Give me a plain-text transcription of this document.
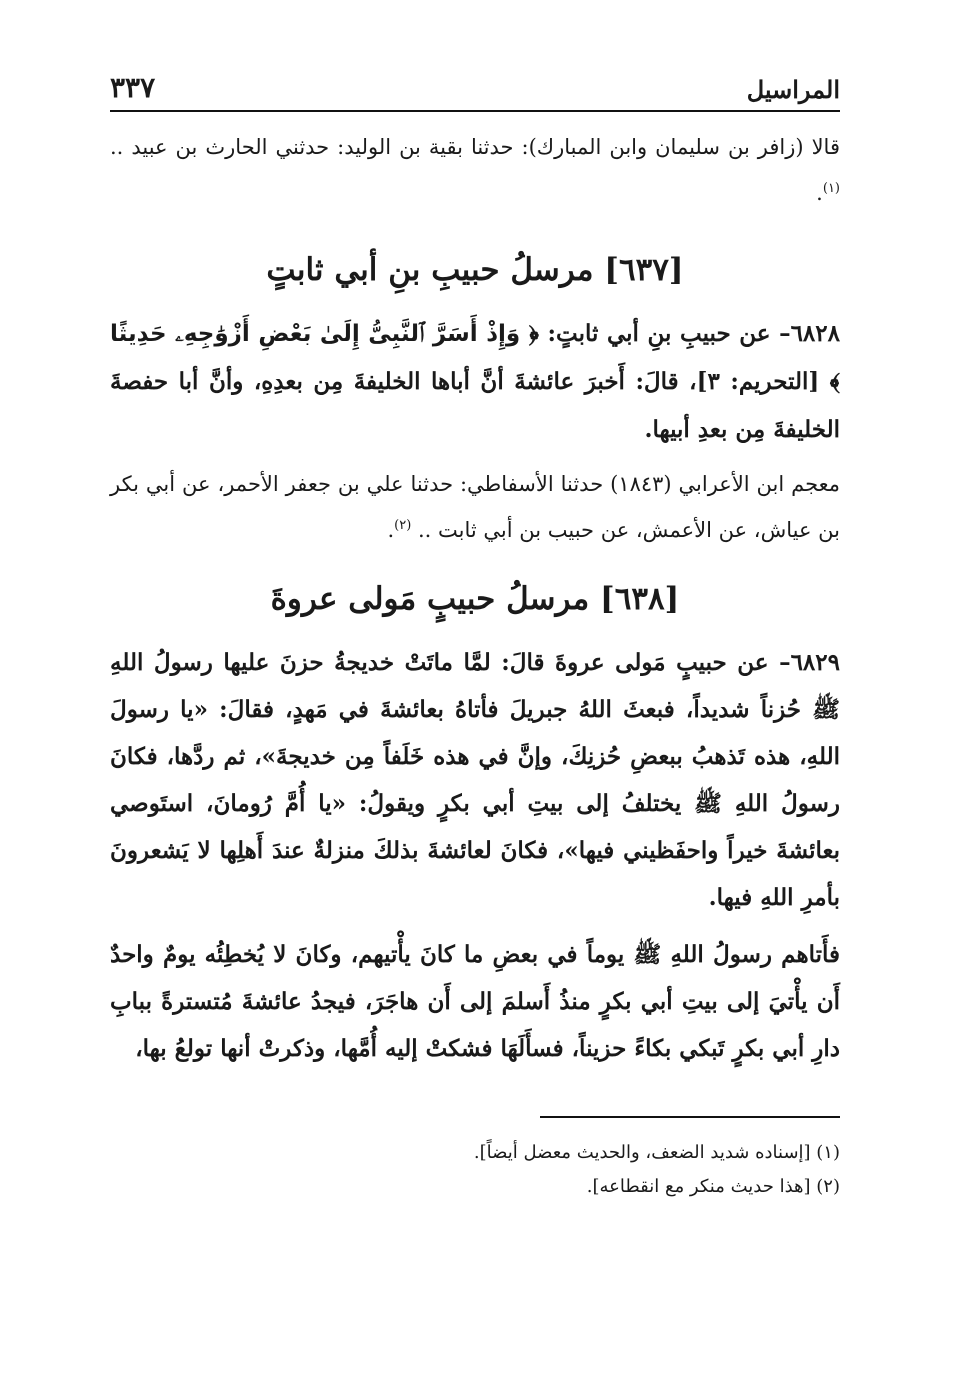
المراسيل
٣٣٧

قالا (زافر بن سليمان وابن المبارك): حدثنا بقية بن الوليد: حدثني الحارث بن عبيد .. $^{(١)}$.

[٦٣٧] مرسلُ حبيبِ بنِ أبي ثابتٍ

٦٨٢٨– عن حبيبِ بنِ أبي ثابتٍ: ﴿ وَإِذْ أَسَرَّ ٱلنَّبِىُّ إِلَىٰ بَعْضِ أَزْوَٰجِهِۦ حَدِيثًا ﴾ [التحريم: ٣]، قالَ: أَخبرَ عائشةَ أنَّ أباها الخليفةَ مِن بعدِهِ، وأنَّ أبا حفصةَ الخليفةَ مِن بعدِ أبيها.

معجم ابن الأعرابي (١٨٤٣) حدثنا الأسفاطي: حدثنا علي بن جعفر الأحمر، عن أبي بكر بن عياش، عن الأعمش، عن حبيب بن أبي ثابت .. $^{(٢)}$.

[٦٣٨] مرسلُ حبيبٍ مَولى عروةَ

٦٨٢٩– عن حبيبٍ مَولى عروةَ قالَ: لمَّا ماتَتْ خديجةُ حزنَ عليها رسولُ اللهِ ﷺ حُزناً شديداً، فبعثَ اللهُ جبريلَ فأتاهُ بعائشةَ في مَهدٍ، فقالَ: «يا رسولَ اللهِ، هذه تَذهبُ ببعضِ حُزنِكَ، وإنَّ في هذه خَلَفاً مِن خديجةَ»، ثم ردَّها، فكانَ رسولُ اللهِ ﷺ يختلفُ إلى بيتِ أبي بكرٍ ويقولُ: «يا أُمَّ رُومانَ، استَوصي بعائشةَ خيراً واحفَظيني فيها»، فكانَ لعائشةَ بذلكَ منزلةٌ عندَ أَهلِها لا يَشعرونَ بأمرِ اللهِ فيها.

فأَتاهم رسولُ اللهِ ﷺ يوماً في بعضِ ما كانَ يأْتيهم، وكانَ لا يُخطِئُه يومٌ واحدٌ أَن يأْتيَ إلى بيتِ أبي بكرٍ منذُ أَسلمَ إلى أَن هاجَرَ، فيجدُ عائشةَ مُتسترةً ببابِ دارِ أبي بكرٍ تَبكي بكاءً حزيناً، فسأَلَهَا فشكتْ إليه أُمَّها، وذكرتْ أنها تولعُ بها،

(١) [إسناده شديد الضعف، والحديث معضل أيضاً].

(٢) [هذا حديث منكر مع انقطاعه].
